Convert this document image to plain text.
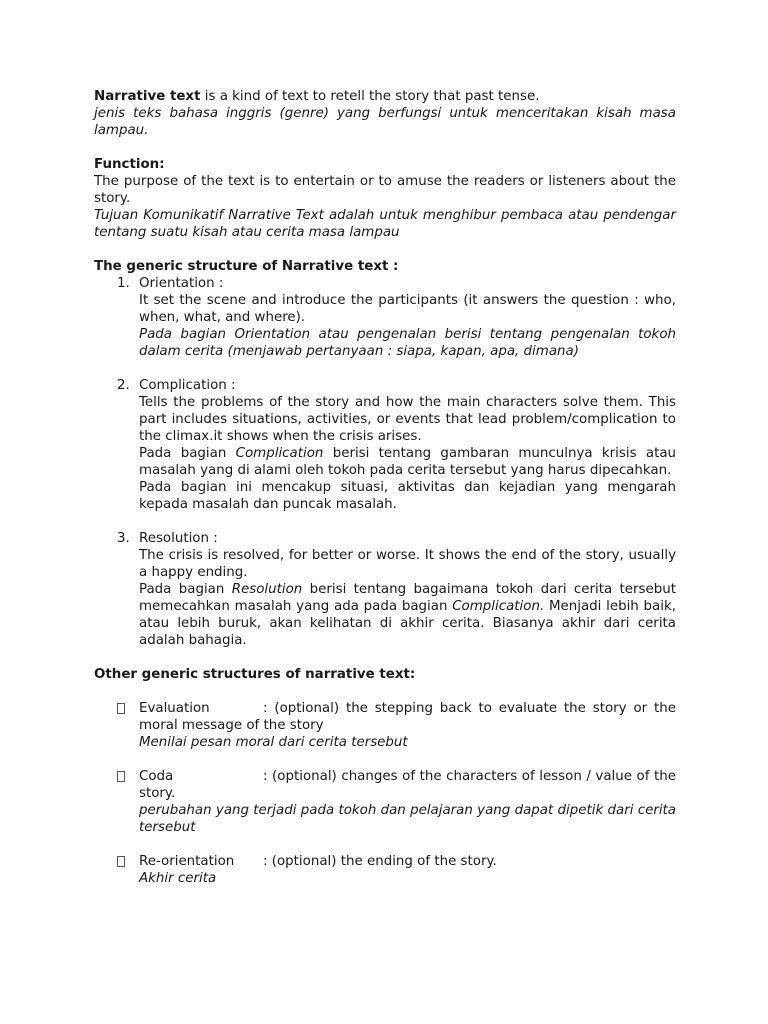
Narrative text is a kind of text to retell the story that past tense.

jenis teks bahasa inggris (genre) yang berfungsi untuk menceritakan kisah masa lampau.

Function:

The purpose of the text is to entertain or to amuse the readers or listeners about the story.

Tujuan Komunikatif Narrative Text adalah untuk menghibur pembaca atau pendengar tentang suatu kisah atau cerita masa lampau

The generic structure of Narrative text :

1. Orientation :

It set the scene and introduce the participants (it answers the question : who, when, what, and where).

Pada bagian Orientation atau pengenalan berisi tentang pengenalan tokoh dalam cerita (menjawab pertanyaan : siapa, kapan, apa, dimana)

2. Complication :

Tells the problems of the story and how the main characters solve them. This part includes situations, activities, or events that lead problem/complication to the climax.it shows when the crisis arises.

Pada bagian Complication berisi tentang gambaran munculnya krisis atau masalah yang di alami oleh tokoh pada cerita tersebut yang harus dipecahkan.

Pada bagian ini mencakup situasi, aktivitas dan kejadian yang mengarah kepada masalah dan puncak masalah.

3. Resolution :

The crisis is resolved, for better or worse. It shows the end of the story, usually a happy ending.

Pada bagian Resolution berisi tentang bagaimana tokoh dari cerita tersebut memecahkan masalah yang ada pada bagian Complication. Menjadi lebih baik, atau lebih buruk, akan kelihatan di akhir cerita. Biasanya akhir dari cerita adalah bahagia.

Other generic structures of narrative text:

Evaluation	: (optional) the stepping back to evaluate the story or the moral message of the story

Menilai pesan moral dari cerita tersebut

Coda	: (optional) changes of the characters of lesson / value of the story.

perubahan yang terjadi pada tokoh dan pelajaran yang dapat dipetik dari cerita tersebut

Re-orientation : (optional) the ending of the story.

Akhir cerita
